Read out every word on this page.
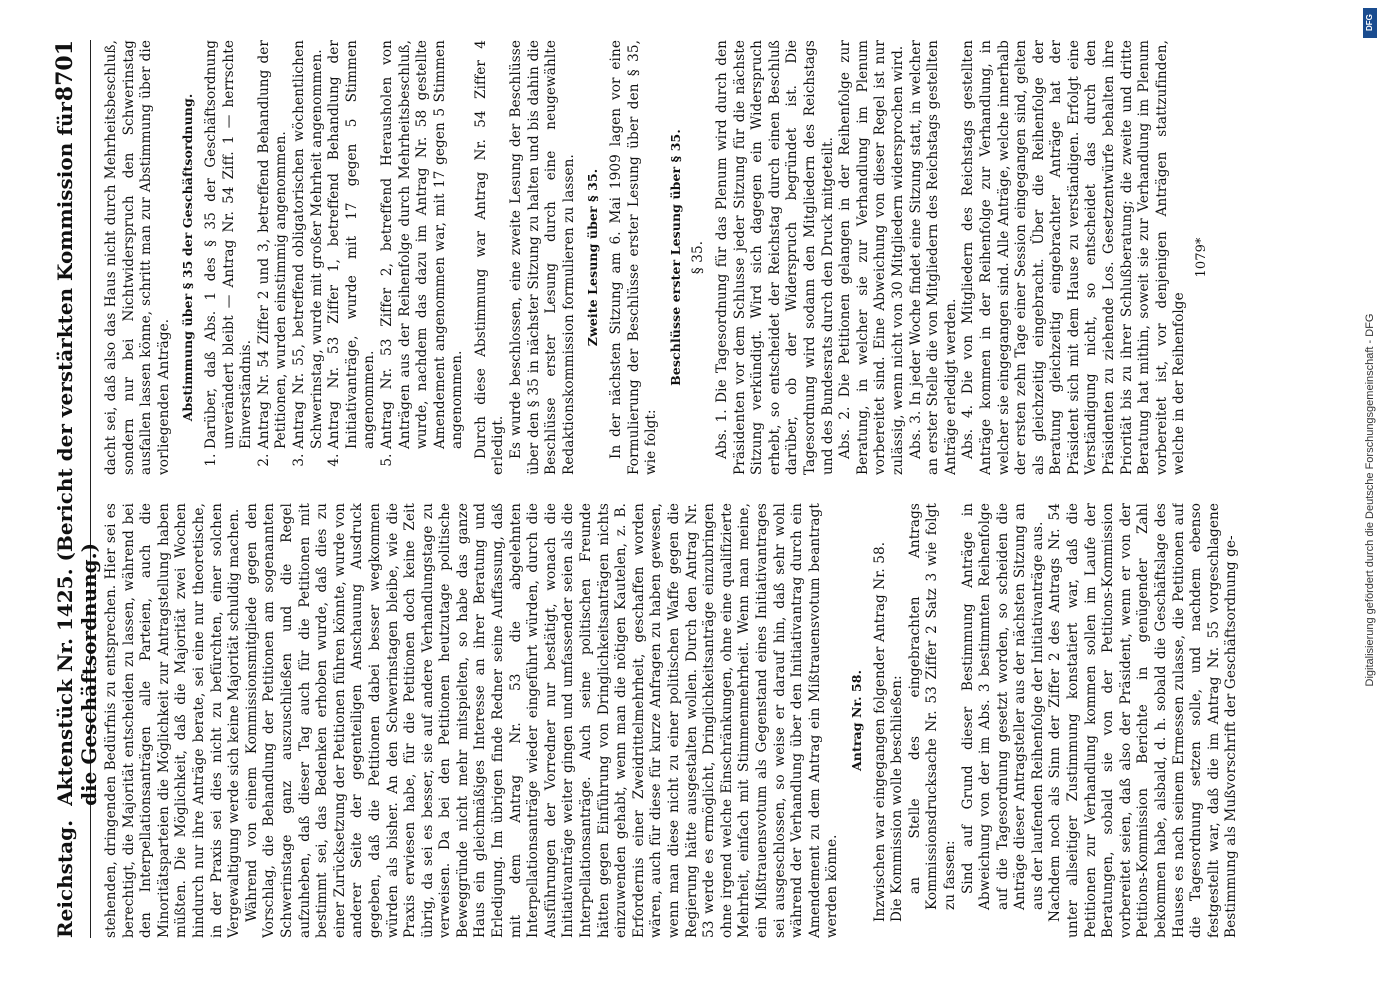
Reichstag.
Aktenstück Nr. 1425. (Bericht der verstärkten Kommission für die Geschäftsordnung.)
8701

stehenden, dringenden Bedürfnis zu entsprechen. Hier sei es berechtigt, die Majorität entscheiden zu lassen, während bei den Interpellationsanträgen alle Parteien, auch die Minoritätsparteien die Möglichkeit zur Antragstellung haben müßten. Die Möglichkeit, daß die Majorität zwei Wochen hindurch nur ihre Anträge berate, sei eine nur theoretische, in der Praxis sei dies nicht zu befürchten, einer solchen Vergewaltigung werde sich keine Majorität schuldig machen. Während von einem Kommissionsmitgliede gegen den Vorschlag, die Behandlung der Petitionen am sogenannten Schwerinstage ganz auszuschließen und die Regel aufzuheben, daß dieser Tag auch für die Petitionen mit bestimmt sei, das Bedenken erhoben wurde, daß dies zu einer Zurücksetzung der Petitionen führen könnte, wurde von anderer Seite der gegenteiligen Anschauung Ausdruck gegeben, daß die Petitionen dabei besser wegkommen würden als bisher. An den Schwerinstagen bleibe, wie die Praxis erwiesen habe, für die Petitionen doch keine Zeit übrig, da sei es besser, sie auf andere Verhandlungstage zu verweisen. Da bei den Petitionen heutzutage politische Beweggründe nicht mehr mitspielten, so habe das ganze Haus ein gleichmäßiges Interesse an ihrer Beratung und Erledigung. Im übrigen finde Redner seine Auffassung, daß mit dem Antrag Nr. 53 die abgelehnten Interpellationsanträge wieder eingeführt würden, durch die Ausführungen der Vorredner nur bestätigt, wonach die Initiativanträge weiter gingen und umfassender seien als die Interpellationsanträge. Auch seine politischen Freunde hätten gegen Einführung von Dringlichkeitsanträgen nichts einzuwenden gehabt, wenn man die nötigen Kautelen, z. B. Erfordernis einer Zweidrittelmehrheit, geschaffen worden wären, auch für diese für kurze Anfragen zu haben gewesen, wenn man diese nicht zu einer politischen Waffe gegen die Regierung hätte ausgestalten wollen. Durch den Antrag Nr. 53 werde es ermöglicht, Dringlichkeitsanträge einzubringen ohne irgend welche Einschränkungen, ohne eine qualifizierte Mehrheit, einfach mit Stimmenmehrheit. Wenn man meine, ein Mißtrauensvotum als Gegenstand eines Initiativantrages sei ausgeschlossen, so weise er darauf hin, daß sehr wohl während der Verhandlung über den Initiativantrag durch ein Amendement zu dem Antrag ein Mißtrauensvotum beantragt werden könne.

Antrag Nr. 58. Inzwischen war eingegangen folgender Antrag Nr. 58. Die Kommission wolle beschließen: an Stelle des eingebrachten Antrags Kommissionsdrucksache Nr. 53 Ziffer 2 Satz 3 wie folgt zu fassen: Sind auf Grund dieser Bestimmung Anträge in Abweichung von der im Abs. 3 bestimmten Reihenfolge auf die Tagesordnung gesetzt worden, so scheiden die Anträge dieser Antragsteller aus der nächsten Sitzung an aus der laufenden Reihenfolge der Initiativanträge aus. Nachdem noch als Sinn der Ziffer 2 des Antrags Nr. 54 unter allseitiger Zustimmung konstatiert war, daß die Petitionen zur Verhandlung kommen sollen im Laufe der Beratungen, sobald sie von der Petitions-Kommission vorbereitet seien, daß also der Präsident, wenn er von der Petitions-Kommission Berichte in genügender Zahl bekommen habe, alsbald, d. h. sobald die Geschäftslage des Hauses es nach seinem Ermessen zulasse, die Petitionen auf die Tagesordnung setzen solle, und nachdem ebenso festgestellt war, daß die im Antrag Nr. 55 vorgeschlagene Bestimmung als Mußvorschrift der Geschäftsordnung ge-

dacht sei, daß also das Haus nicht durch Mehrheitsbeschluß, sondern nur bei Nichtwiderspruch den Schwerinstag ausfallen lassen könne, schritt man zur Abstimmung über die vorliegenden Anträge. Abstimmung über § 35 der Geschäftsordnung. 1. Darüber, daß Abs. 1 des § 35 der Geschäftsordnung unverändert bleibt — Antrag Nr. 54 Ziff. 1 — herrschte Einverständnis. 2. Antrag Nr. 54 Ziffer 2 und 3, betreffend Behandlung der Petitionen, wurden einstimmig angenommen. 3. Antrag Nr. 55, betreffend obligatorischen wöchentlichen Schwerinstag, wurde mit großer Mehrheit angenommen. 4. Antrag Nr. 53 Ziffer 1, betreffend Behandlung der Initiativanträge, wurde mit 17 gegen 5 Stimmen angenommen. 5. Antrag Nr. 53 Ziffer 2, betreffend Herausholen von Anträgen aus der Reihenfolge durch Mehrheitsbeschluß, wurde, nachdem das dazu im Antrag Nr. 58 gestellte Amendement angenommen war, mit 17 gegen 5 Stimmen angenommen. Durch diese Abstimmung war Antrag Nr. 54 Ziffer 4 erledigt. Es wurde beschlossen, eine zweite Lesung der Beschlüsse über den § 35 in nächster Sitzung zu halten und bis dahin die Beschlüsse erster Lesung durch eine neugewählte Redaktionskommission formulieren zu lassen. Zweite Lesung über § 35. In der nächsten Sitzung am 6. Mai 1909 lagen vor eine Formulierung der Beschlüsse erster Lesung über den § 35, wie folgt:

Beschlüsse erster Lesung über § 35. § 35. Abs. 1. Die Tagesordnung für das Plenum wird durch den Präsidenten vor dem Schlusse jeder Sitzung für die nächste Sitzung verkündigt. Wird sich dagegen ein Widerspruch erhebt, so entscheidet der Reichstag durch einen Beschluß darüber, ob der Widerspruch begründet ist. Die Tagesordnung wird sodann den Mitgliedern des Reichstags und des Bundesrats durch den Druck mitgeteilt. Abs. 2. Die Petitionen gelangen in der Reihenfolge zur Beratung, in welcher sie zur Verhandlung im Plenum vorbereitet sind. Eine Abweichung von dieser Regel ist nur zulässig, wenn nicht von 30 Mitgliedern widersprochen wird. Abs. 3. In jeder Woche findet eine Sitzung statt, in welcher an erster Stelle die von Mitgliedern des Reichstags gestellten Anträge erledigt werden. Abs. 4. Die von Mitgliedern des Reichstags gestellten Anträge kommen in der Reihenfolge zur Verhandlung, in welcher sie eingegangen sind. Alle Anträge, welche innerhalb der ersten zehn Tage einer Session eingegangen sind, gelten als gleichzeitig eingebracht. Über die Reihenfolge der Beratung gleichzeitig eingebrachter Anträge hat der Präsident sich mit dem Hause zu verständigen. Erfolgt eine Verständigung nicht, so entscheidet das durch den Präsidenten zu ziehende Los. Gesetzentwürfe behalten ihre Priorität bis zu ihrer Schlußberatung; die zweite und dritte Beratung hat mithin, soweit sie zur Verhandlung im Plenum vorbereitet ist, vor denjenigen Anträgen stattzufinden, welche in der Reihenfolge

1079*
Digitalisierung gefördert durch die Deutsche Forschungsgemeinschaft - DFG
DFG
